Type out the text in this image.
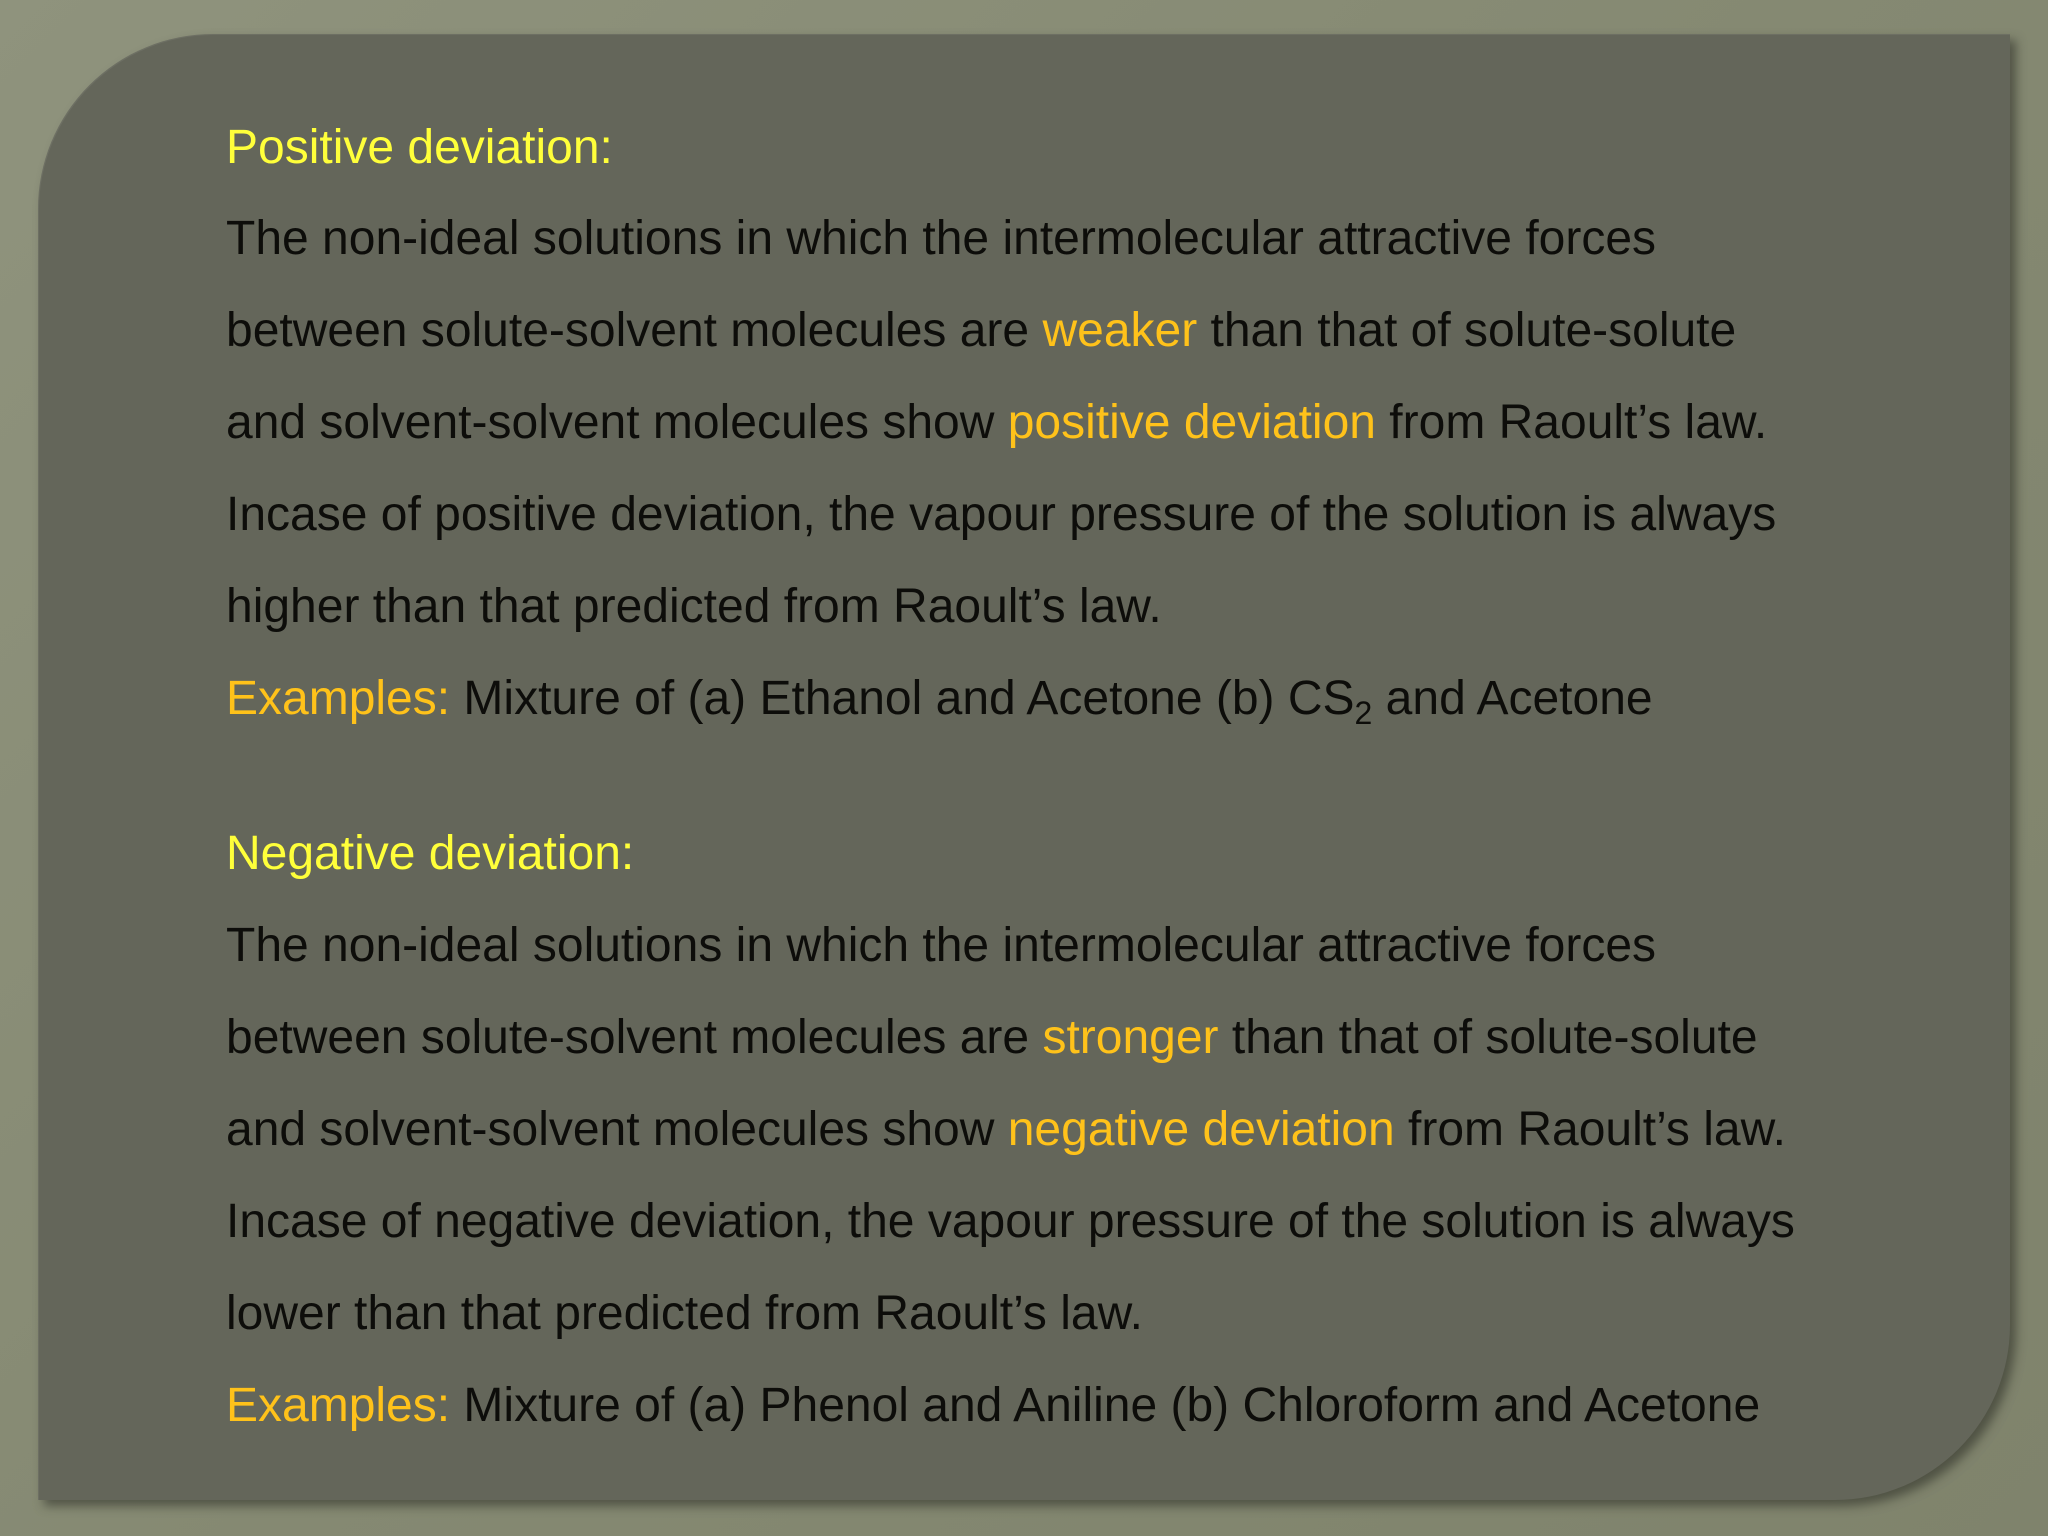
Positive deviation:
The non-ideal solutions in which the intermolecular attractive forces
between solute-solvent molecules are weaker than that of solute-solute
and solvent-solvent molecules show positive deviation from Raoult’s law.
Incase of positive deviation, the vapour pressure of the solution is always
higher than that predicted from Raoult’s law.
Examples: Mixture of (a) Ethanol and Acetone (b) $CS_2$ and Acetone
Negative deviation:
The non-ideal solutions in which the intermolecular attractive forces
between solute-solvent molecules are stronger than that of solute-solute
and solvent-solvent molecules show negative deviation from Raoult’s law.
Incase of negative deviation, the vapour pressure of the solution is always
lower than that predicted from Raoult’s law.
Examples: Mixture of (a) Phenol and Aniline (b) Chloroform and Acetone
